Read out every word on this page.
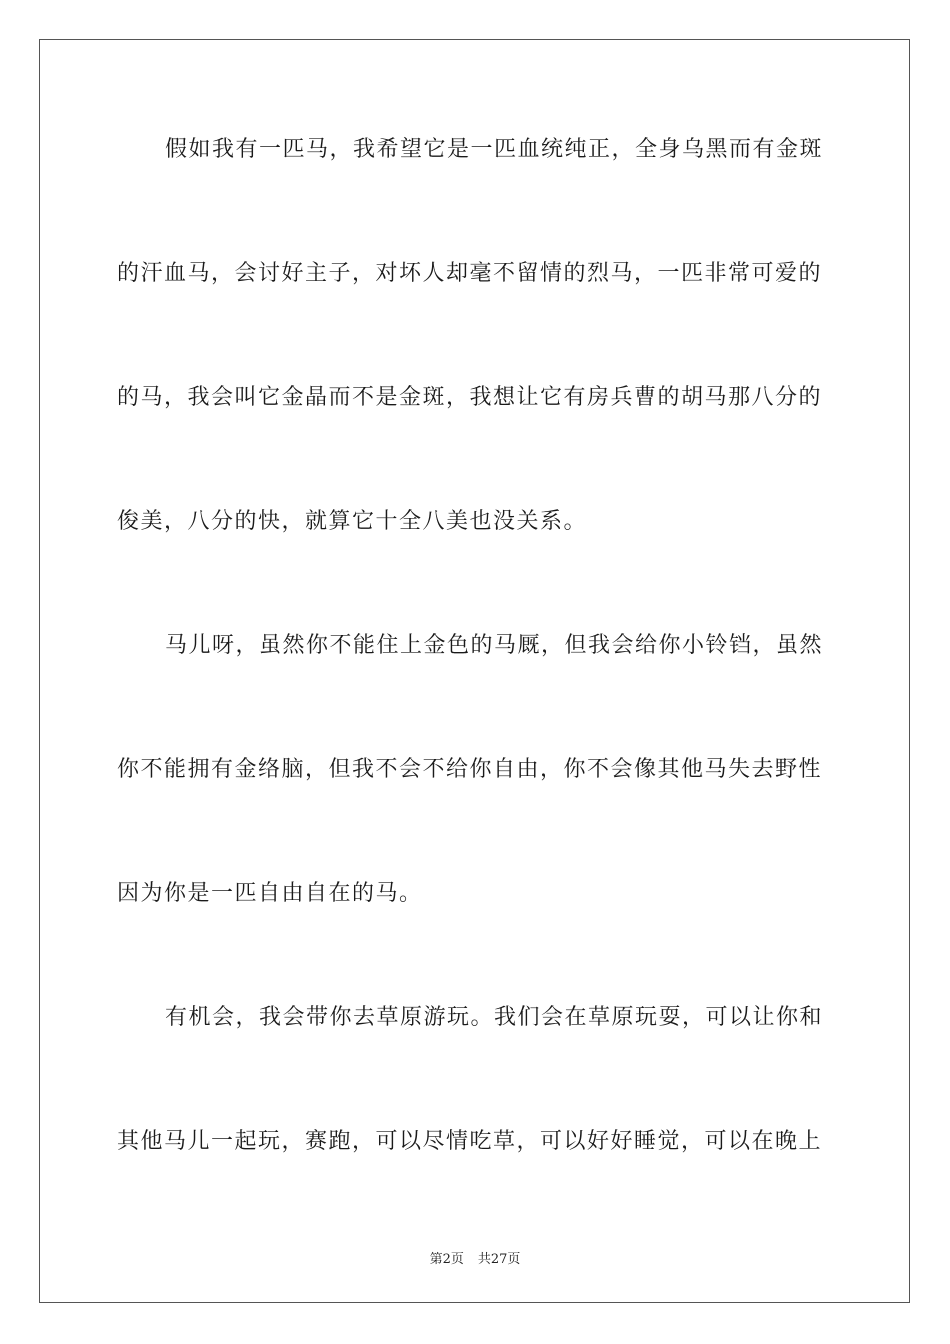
假如我有一匹马，我希望它是一匹血统纯正，全身乌黑而有金斑
的汗血马，会讨好主子，对坏人却毫不留情的烈马，一匹非常可爱的
的马，我会叫它金晶而不是金斑，我想让它有房兵曹的胡马那八分的
俊美，八分的快，就算它十全八美也没关系。
马儿呀，虽然你不能住上金色的马厩，但我会给你小铃铛，虽然
你不能拥有金络脑，但我不会不给你自由，你不会像其他马失去野性
因为你是一匹自由自在的马。
有机会，我会带你去草原游玩。我们会在草原玩耍，可以让你和
其他马儿一起玩，赛跑，可以尽情吃草，可以好好睡觉，可以在晚上
第2页 共27页
